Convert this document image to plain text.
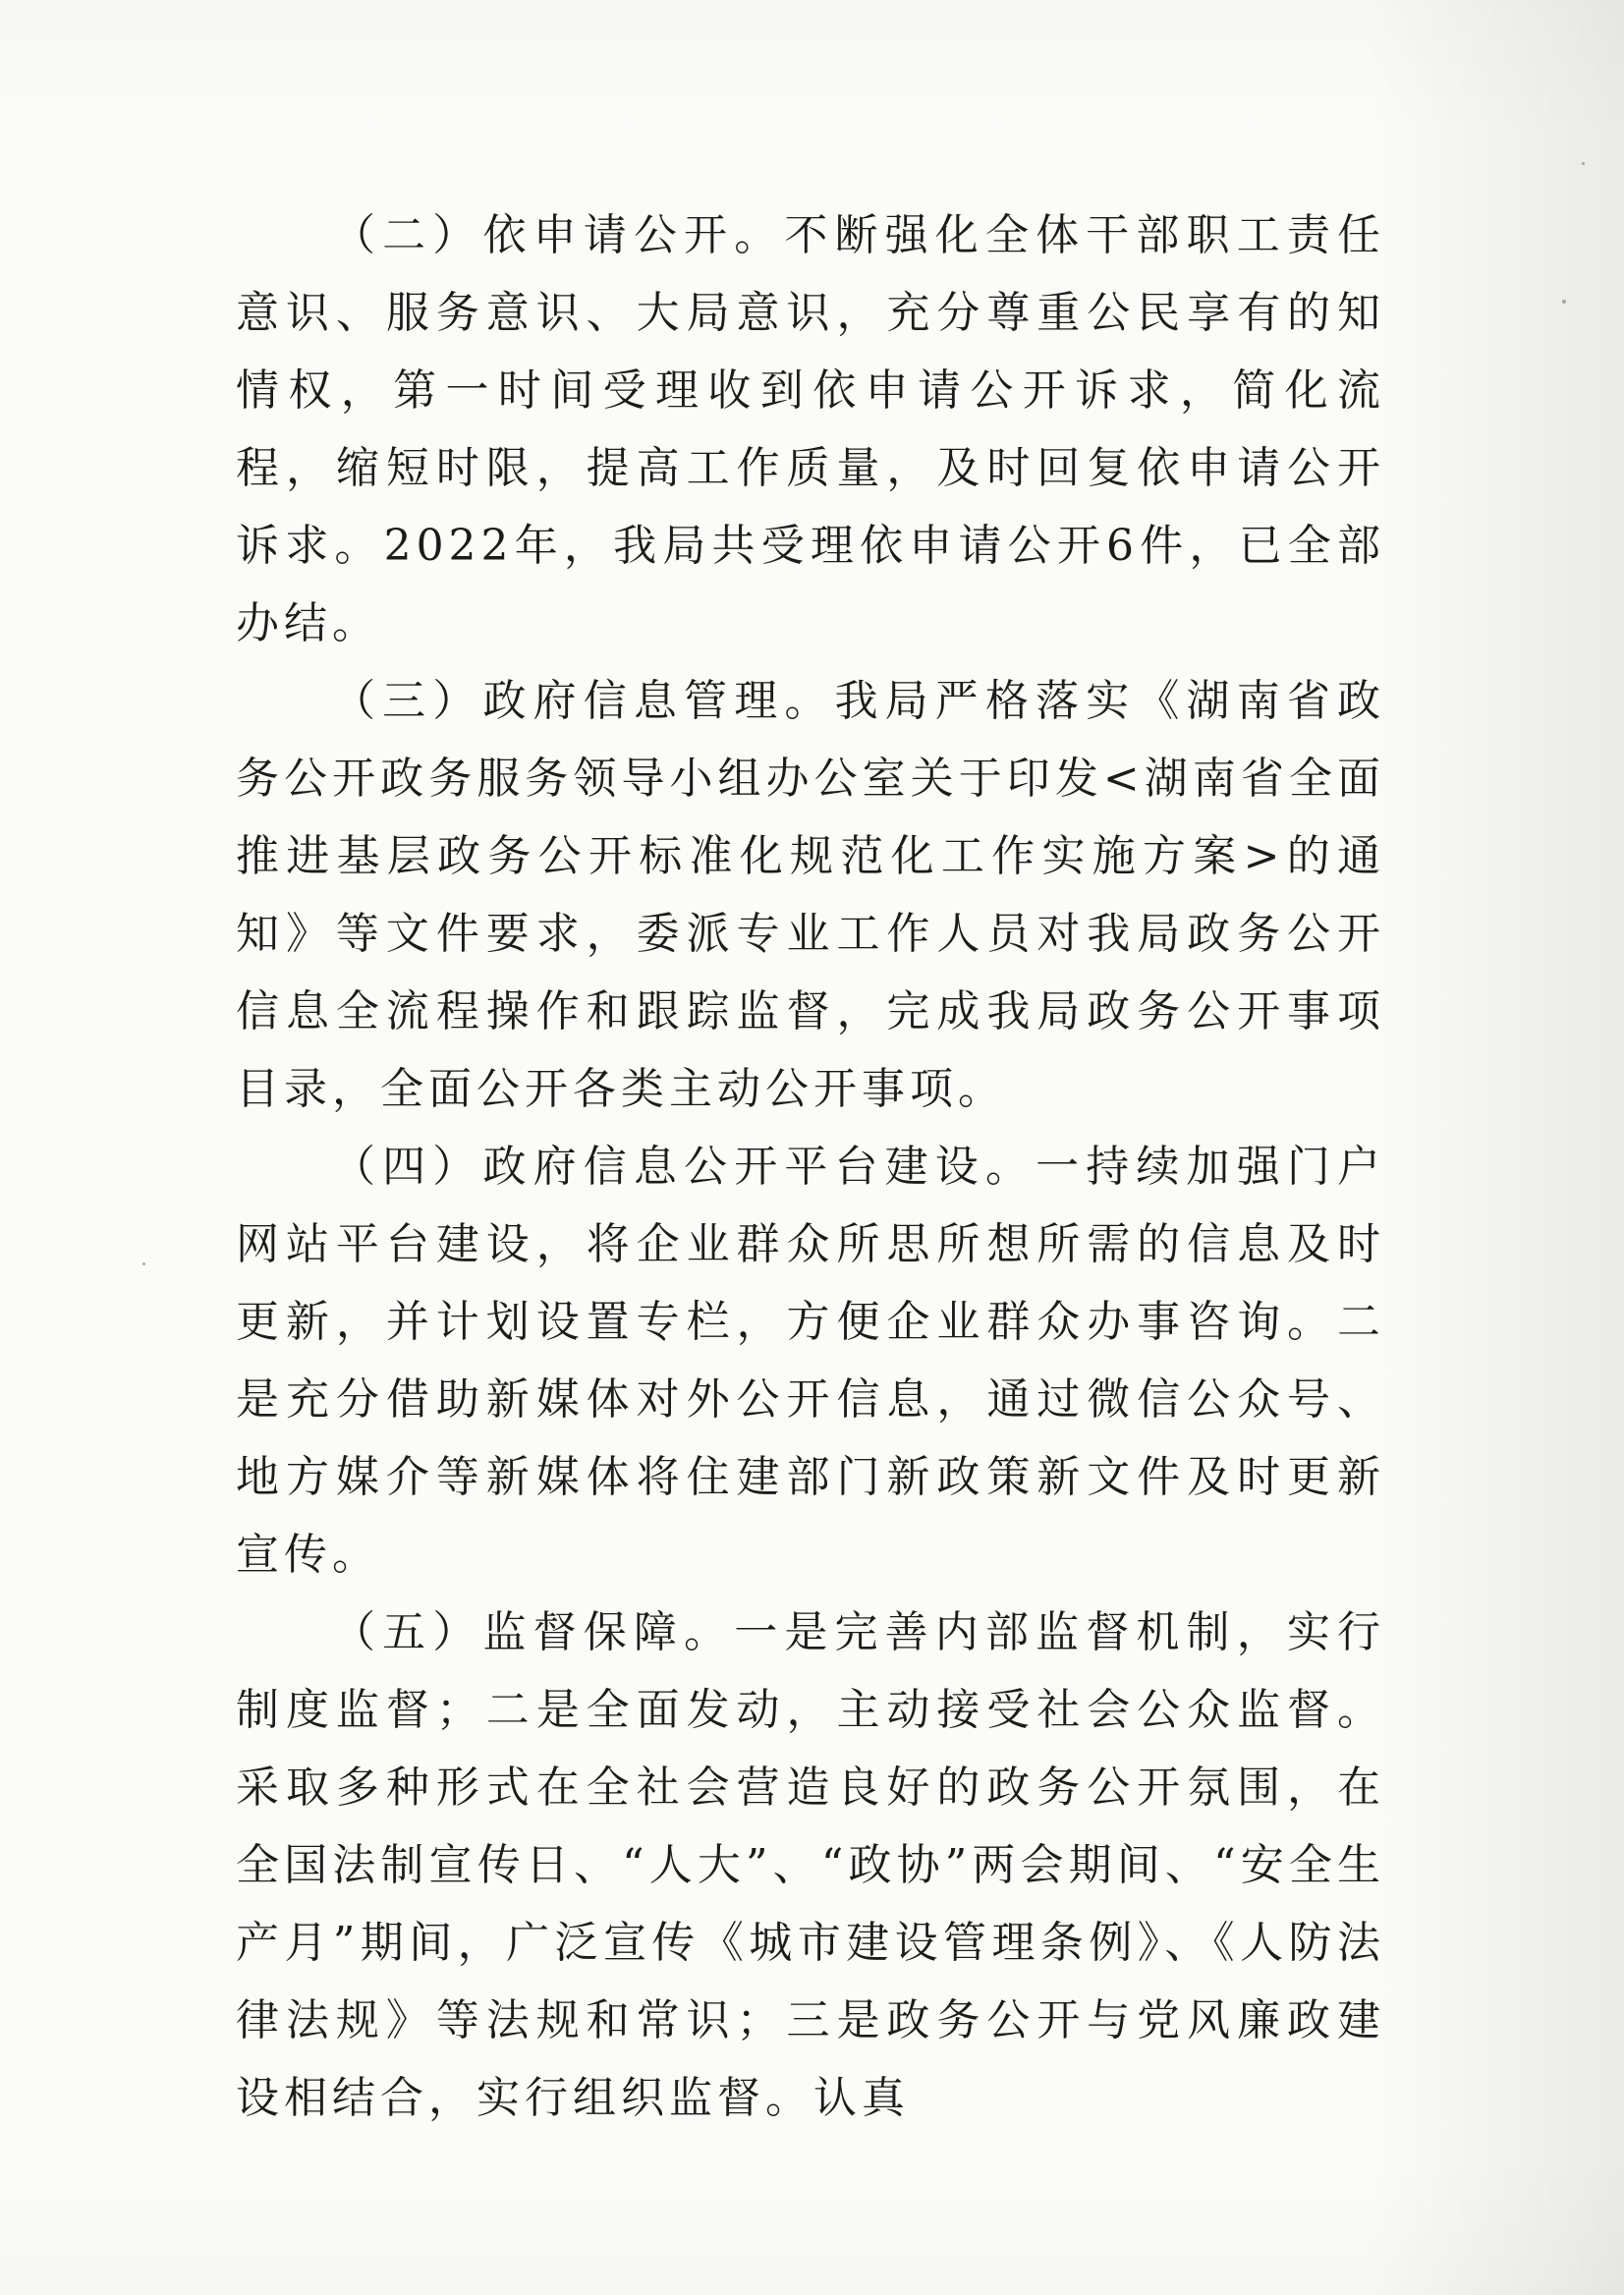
（二）依申请公开。不断强化全体干部职工责任意识、服务意识、大局意识，充分尊重公民享有的知情权，第一时间受理收到依申请公开诉求，简化流程，缩短时限，提高工作质量，及时回复依申请公开诉求。2022年，我局共受理依申请公开6件，已全部办结。

（三）政府信息管理。我局严格落实《湖南省政务公开政务服务领导小组办公室关于印发<湖南省全面推进基层政务公开标准化规范化工作实施方案>的通知》等文件要求，委派专业工作人员对我局政务公开信息全流程操作和跟踪监督，完成我局政务公开事项目录，全面公开各类主动公开事项。

（四）政府信息公开平台建设。一持续加强门户网站平台建设，将企业群众所思所想所需的信息及时更新，并计划设置专栏，方便企业群众办事咨询。二是充分借助新媒体对外公开信息，通过微信公众号、地方媒介等新媒体将住建部门新政策新文件及时更新宣传。

（五）监督保障。一是完善内部监督机制，实行制度监督；二是全面发动，主动接受社会公众监督。采取多种形式在全社会营造良好的政务公开氛围，在全国法制宣传日、“人大”、“政协”两会期间、“安全生产月”期间，广泛宣传《城市建设管理条例》、《人防法律法规》等法规和常识；三是政务公开与党风廉政建设相结合，实行组织监督。认真
